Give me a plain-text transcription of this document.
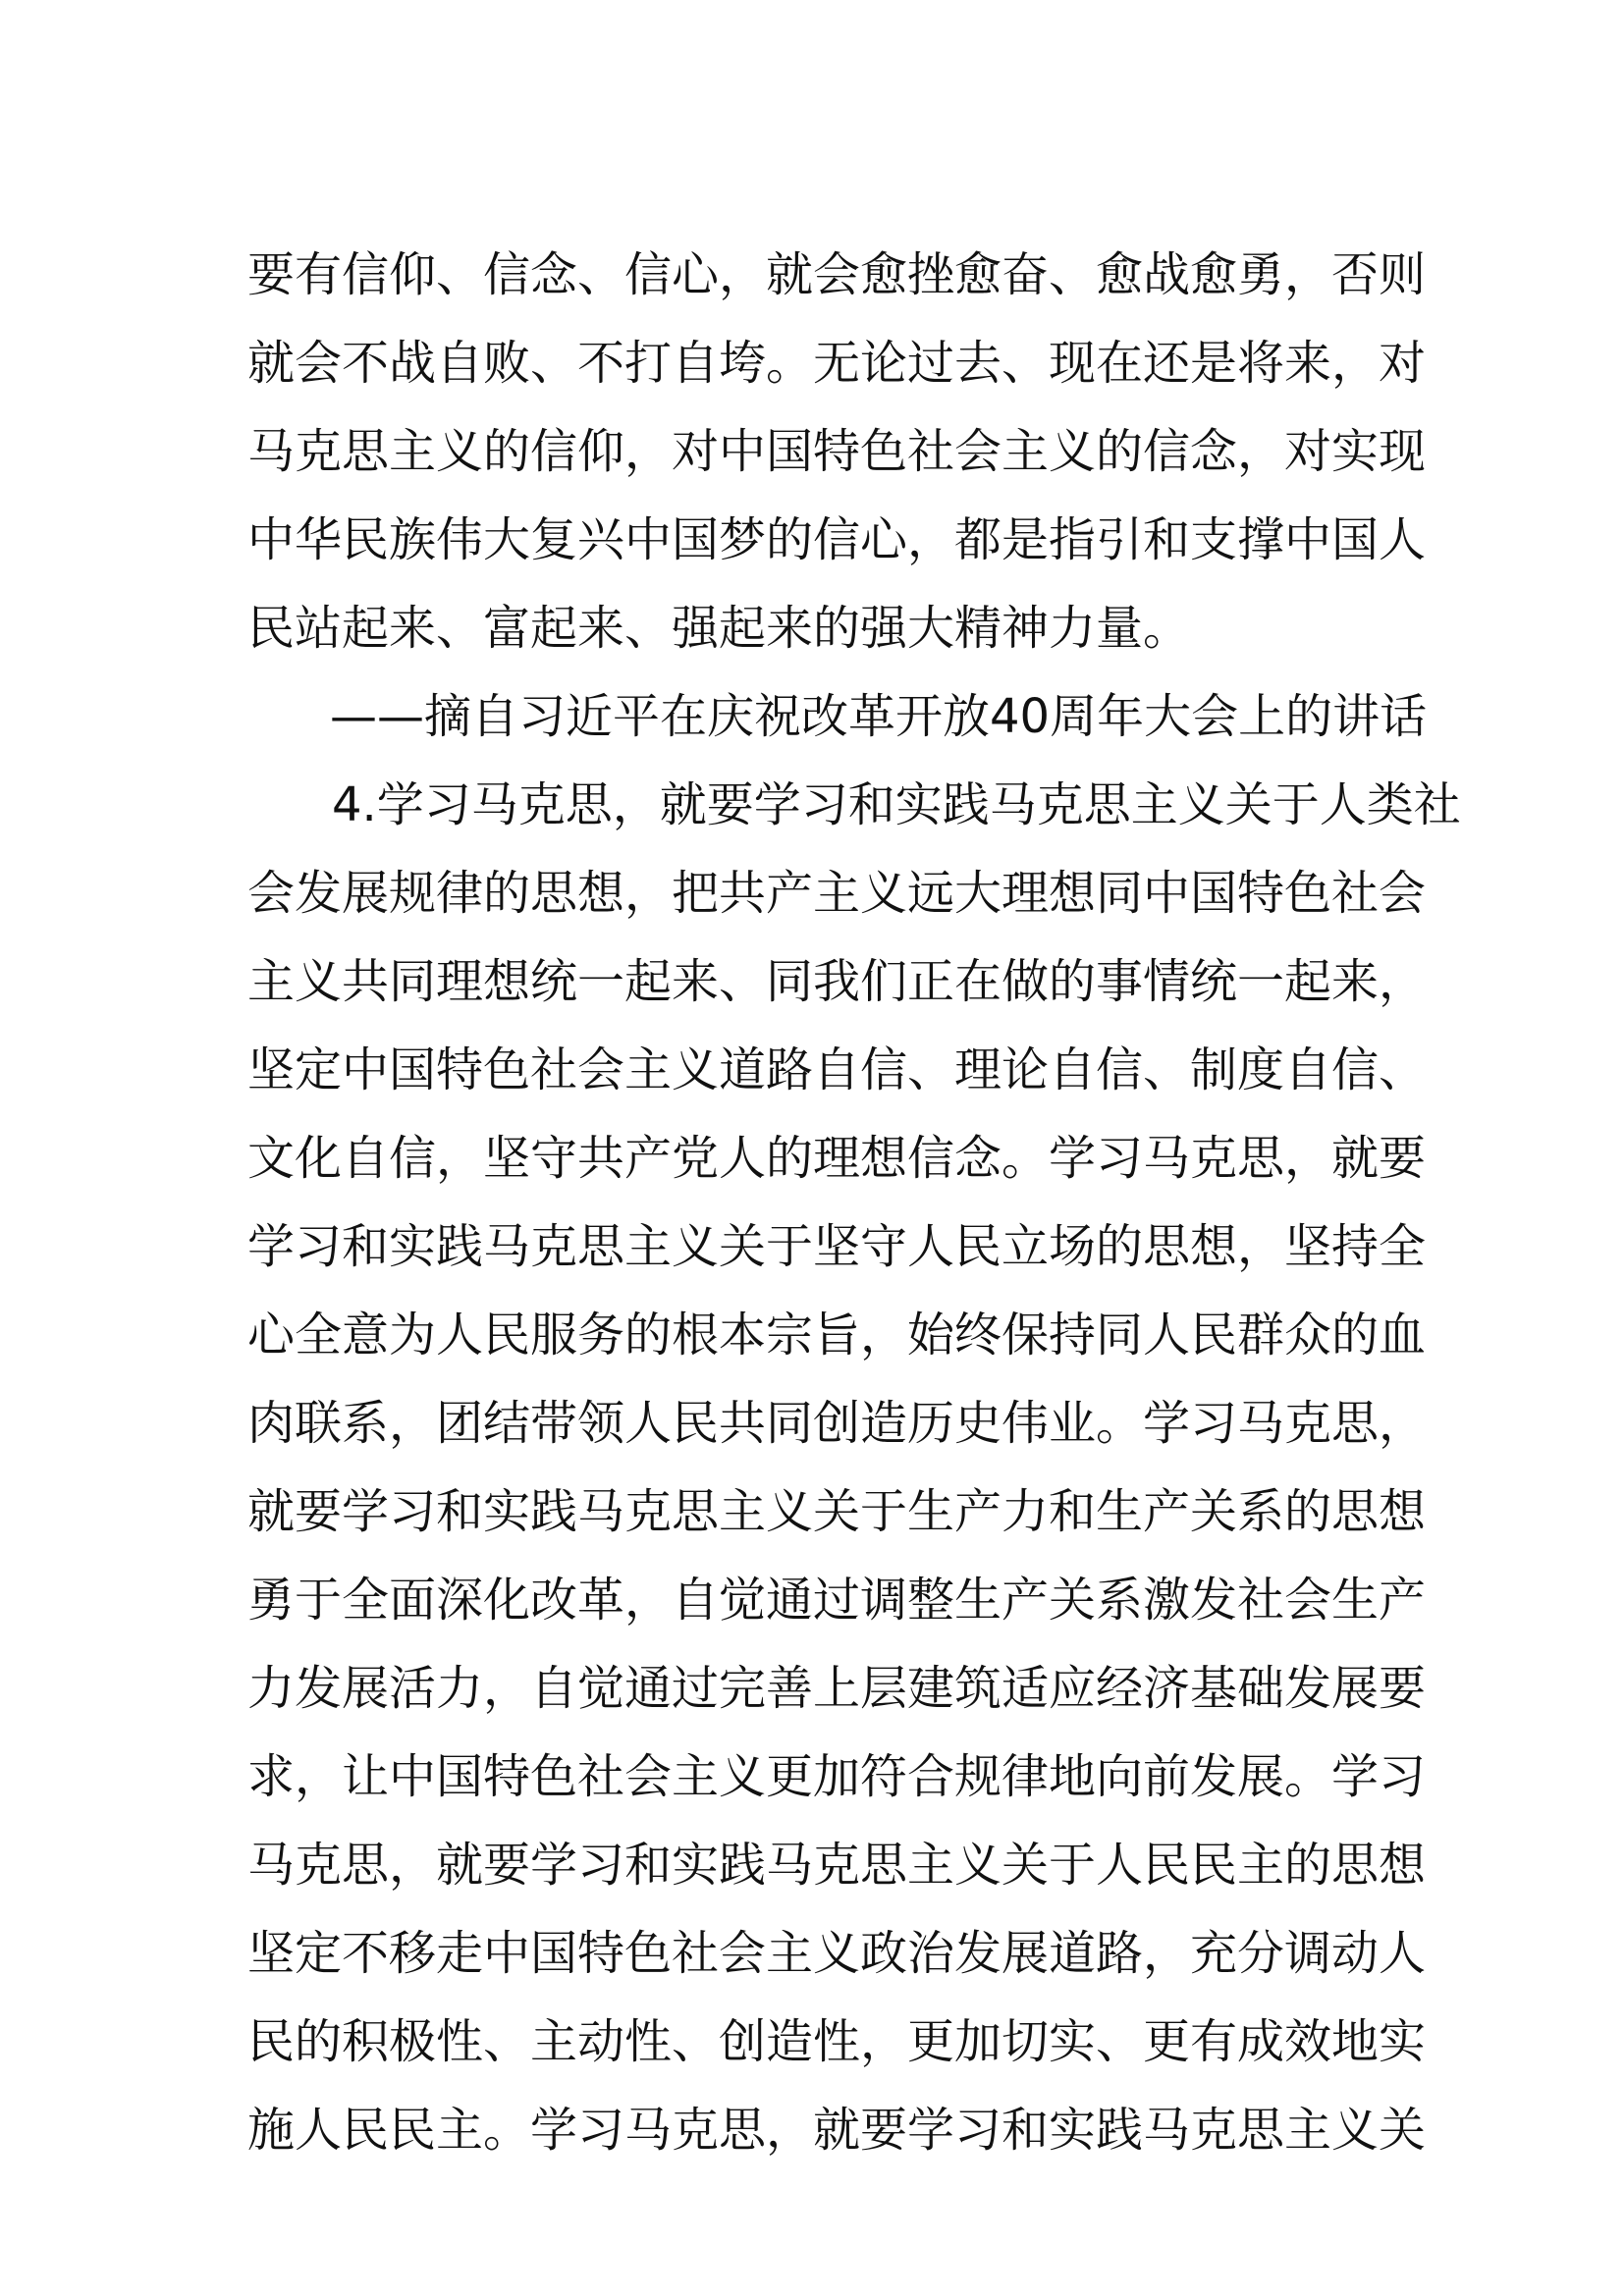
要有信仰、信念、信心，就会愈挫愈奋、愈战愈勇，否则

就会不战自败、不打自垮。无论过去、现在还是将来，对

马克思主义的信仰，对中国特色社会主义的信念，对实现

中华民族伟大复兴中国梦的信心，都是指引和支撑中国人

民站起来、富起来、强起来的强大精神力量。

——摘自习近平在庆祝改革开放40周年大会上的讲话

4.学习马克思，就要学习和实践马克思主义关于人类社

会发展规律的思想，把共产主义远大理想同中国特色社会

主义共同理想统一起来、同我们正在做的事情统一起来，

坚定中国特色社会主义道路自信、理论自信、制度自信、

文化自信，坚守共产党人的理想信念。学习马克思，就要

学习和实践马克思主义关于坚守人民立场的思想，坚持全

心全意为人民服务的根本宗旨，始终保持同人民群众的血

肉联系，团结带领人民共同创造历史伟业。学习马克思，

就要学习和实践马克思主义关于生产力和生产关系的思想

勇于全面深化改革，自觉通过调整生产关系激发社会生产

力发展活力，自觉通过完善上层建筑适应经济基础发展要

求，让中国特色社会主义更加符合规律地向前发展。学习

马克思，就要学习和实践马克思主义关于人民民主的思想

坚定不移走中国特色社会主义政治发展道路，充分调动人

民的积极性、主动性、创造性，更加切实、更有成效地实

施人民民主。学习马克思，就要学习和实践马克思主义关
